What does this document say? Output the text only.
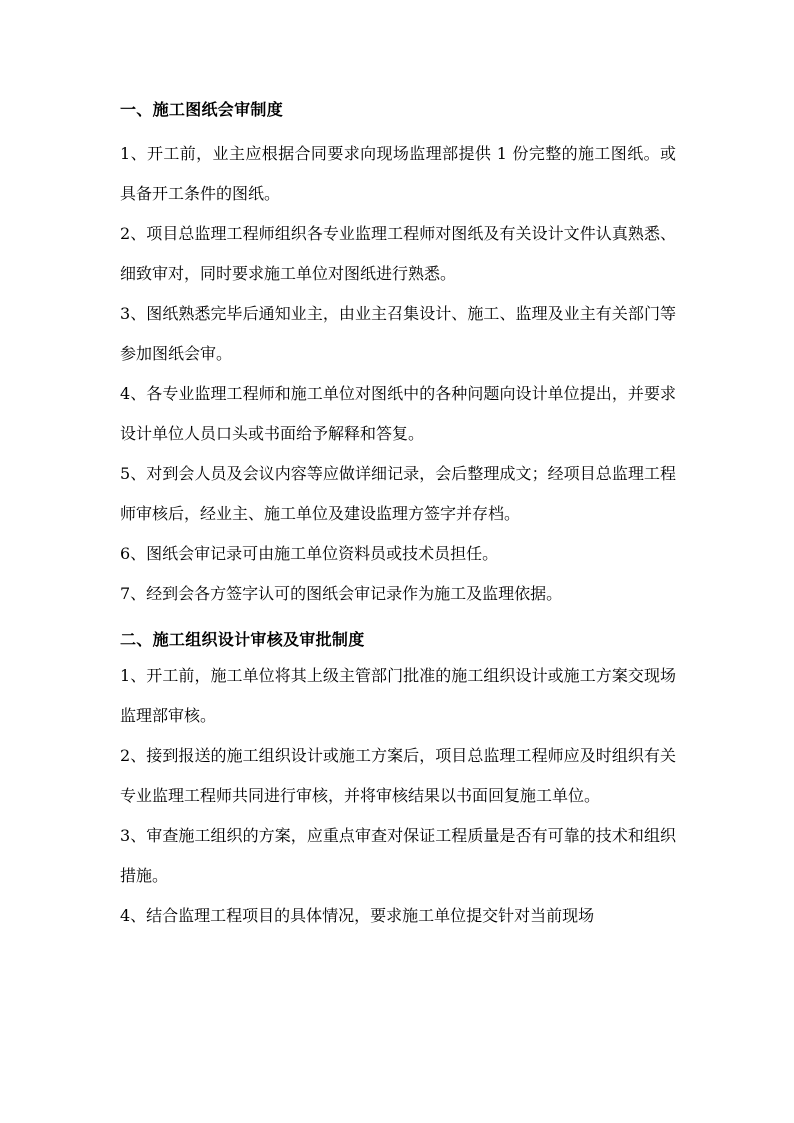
一、施工图纸会审制度

1、开工前，业主应根据合同要求向现场监理部提供 1 份完整的施工图纸。或具备开工条件的图纸。

2、项目总监理工程师组织各专业监理工程师对图纸及有关设计文件认真熟悉、细致审对，同时要求施工单位对图纸进行熟悉。

3、图纸熟悉完毕后通知业主，由业主召集设计、施工、监理及业主有关部门等参加图纸会审。

4、各专业监理工程师和施工单位对图纸中的各种问题向设计单位提出，并要求设计单位人员口头或书面给予解释和答复。

5、对到会人员及会议内容等应做详细记录，会后整理成文；经项目总监理工程师审核后，经业主、施工单位及建设监理方签字并存档。

6、图纸会审记录可由施工单位资料员或技术员担任。

7、经到会各方签字认可的图纸会审记录作为施工及监理依据。

二、施工组织设计审核及审批制度

1、开工前，施工单位将其上级主管部门批准的施工组织设计或施工方案交现场监理部审核。

2、接到报送的施工组织设计或施工方案后，项目总监理工程师应及时组织有关专业监理工程师共同进行审核，并将审核结果以书面回复施工单位。

3、审查施工组织的方案，应重点审查对保证工程质量是否有可靠的技术和组织措施。

4、结合监理工程项目的具体情况，要求施工单位提交针对当前现场
